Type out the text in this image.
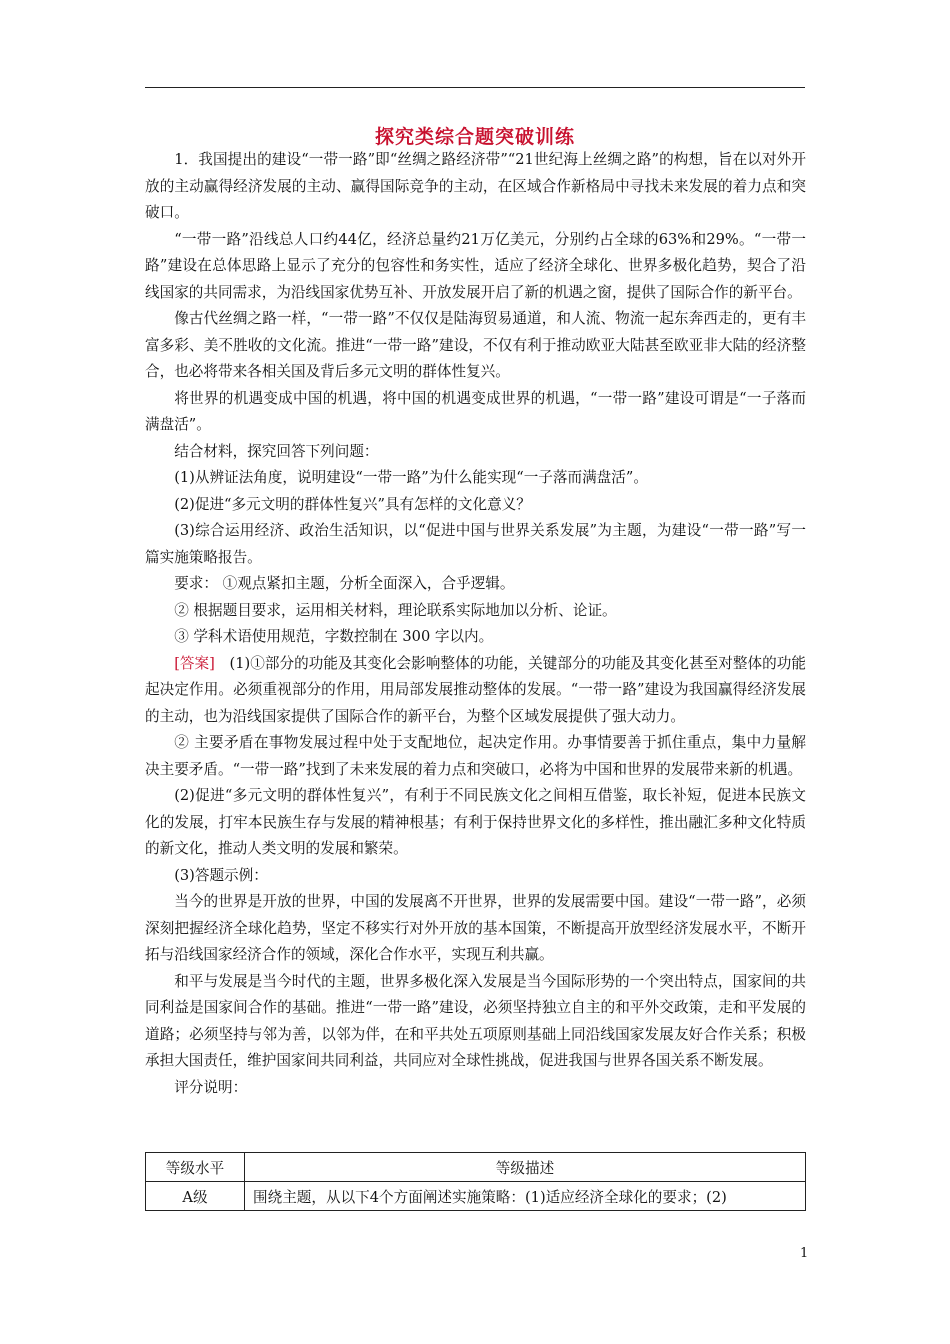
探究类综合题突破训练

1．我国提出的建设“一带一路”即“丝绸之路经济带”“21世纪海上丝绸之路”的构想，旨在以对外开放的主动赢得经济发展的主动、赢得国际竞争的主动，在区域合作新格局中寻找未来发展的着力点和突破口。

“一带一路”沿线总人口约44亿，经济总量约21万亿美元，分别约占全球的63%和29%。“一带一路”建设在总体思路上显示了充分的包容性和务实性，适应了经济全球化、世界多极化趋势，契合了沿线国家的共同需求，为沿线国家优势互补、开放发展开启了新的机遇之窗，提供了国际合作的新平台。

像古代丝绸之路一样，“一带一路”不仅仅是陆海贸易通道，和人流、物流一起东奔西走的，更有丰富多彩、美不胜收的文化流。推进“一带一路”建设，不仅有利于推动欧亚大陆甚至欧亚非大陆的经济整合，也必将带来各相关国及背后多元文明的群体性复兴。

将世界的机遇变成中国的机遇，将中国的机遇变成世界的机遇，“一带一路”建设可谓是“一子落而满盘活”。

结合材料，探究回答下列问题：

(1)从辨证法角度，说明建设“一带一路”为什么能实现“一子落而满盘活”。

(2)促进“多元文明的群体性复兴”具有怎样的文化意义？

(3)综合运用经济、政治生活知识，以“促进中国与世界关系发展”为主题，为建设“一带一路”写一篇实施策略报告。

要求： ①观点紧扣主题，分析全面深入，合乎逻辑。

② 根据题目要求，运用相关材料，理论联系实际地加以分析、论证。

③ 学科术语使用规范，字数控制在 300 字以内。

[答案]　(1)①部分的功能及其变化会影响整体的功能，关键部分的功能及其变化甚至对整体的功能起决定作用。必须重视部分的作用，用局部发展推动整体的发展。“一带一路”建设为我国赢得经济发展的主动，也为沿线国家提供了国际合作的新平台，为整个区域发展提供了强大动力。

② 主要矛盾在事物发展过程中处于支配地位，起决定作用。办事情要善于抓住重点，集中力量解决主要矛盾。“一带一路”找到了未来发展的着力点和突破口，必将为中国和世界的发展带来新的机遇。

(2)促进“多元文明的群体性复兴”，有利于不同民族文化之间相互借鉴，取长补短，促进本民族文化的发展，打牢本民族生存与发展的精神根基；有利于保持世界文化的多样性，推出融汇多种文化特质的新文化，推动人类文明的发展和繁荣。

(3)答题示例：

当今的世界是开放的世界，中国的发展离不开世界，世界的发展需要中国。建设“一带一路”，必须深刻把握经济全球化趋势，坚定不移实行对外开放的基本国策，不断提高开放型经济发展水平，不断开拓与沿线国家经济合作的领域，深化合作水平，实现互利共赢。

和平与发展是当今时代的主题，世界多极化深入发展是当今国际形势的一个突出特点，国家间的共同利益是国家间合作的基础。推进“一带一路”建设，必须坚持独立自主的和平外交政策，走和平发展的道路；必须坚持与邻为善，以邻为伴，在和平共处五项原则基础上同沿线国家发展友好合作关系；积极承担大国责任，维护国家间共同利益，共同应对全球性挑战，促进我国与世界各国关系不断发展。

评分说明：

等级水平	等级描述
A级	围绕主题，从以下4个方面阐述实施策略：(1)适应经济全球化的要求；(2)
1
